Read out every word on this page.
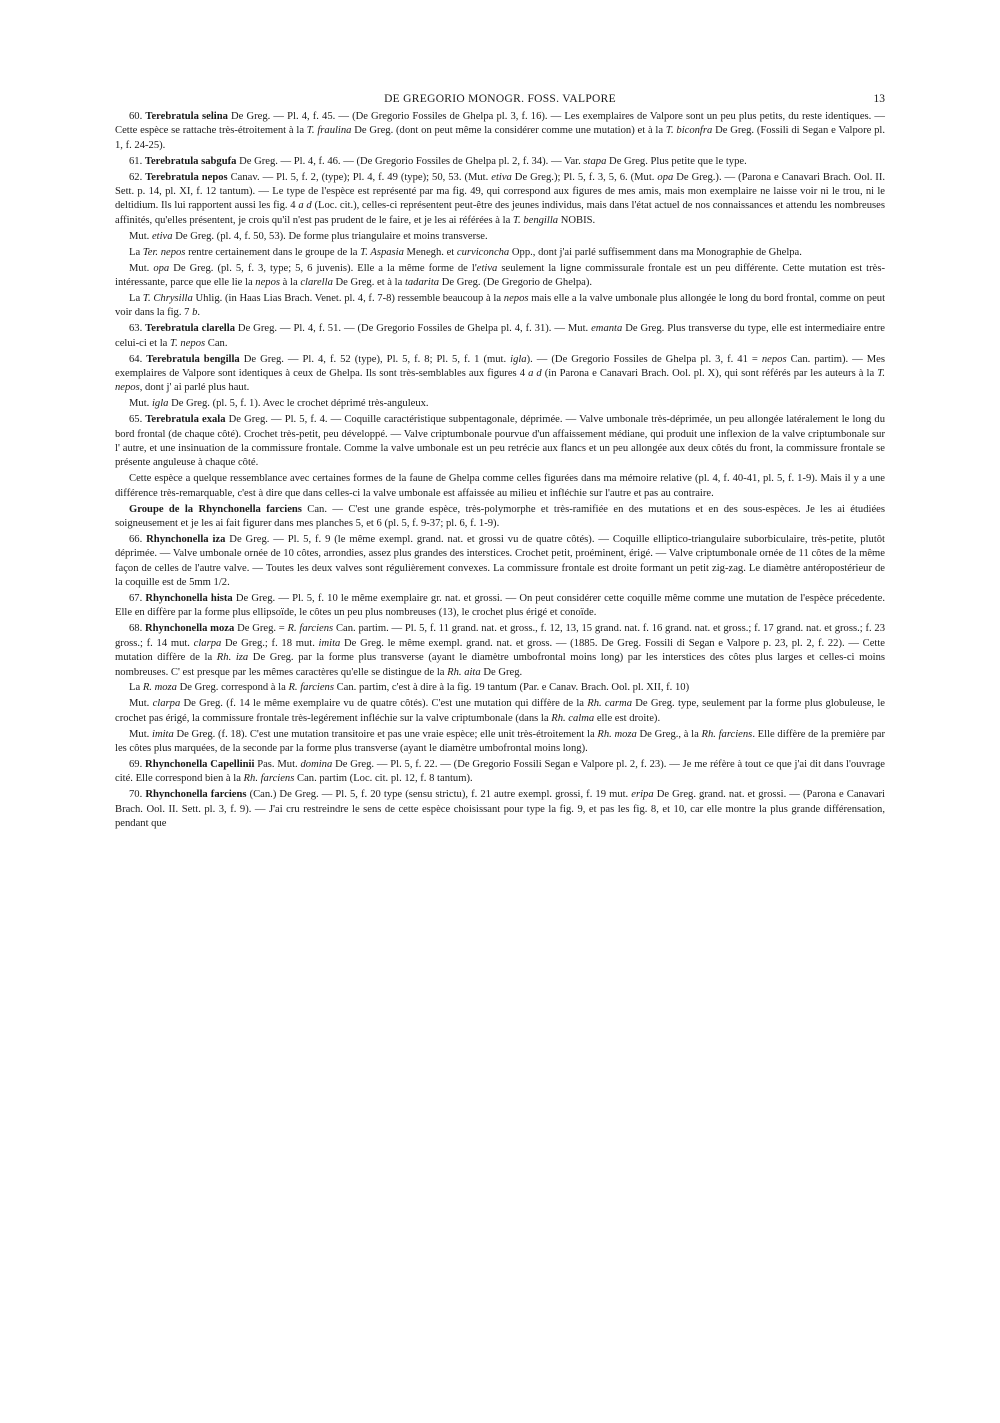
DE GREGORIO MONOGR. FOSS. VALPORE	13

60. Terebratula selina De Greg. — Pl. 4, f. 45. — (De Gregorio Fossiles de Ghelpa pl. 3, f. 16). — Les exemplaires de Valpore sont un peu plus petits, du reste identiques. — Cette espèce se rattache très-étroitement à la T. fraulina De Greg. (dont on peut même la considérer comme une mutation) et à la T. biconfra De Greg. (Fossili di Segan e Valpore pl. 1, f. 24-25).

61. Terebratula sabgufa De Greg. — Pl. 4, f. 46. — (De Gregorio Fossiles de Ghelpa pl. 2, f. 34). — Var. stapa De Greg. Plus petite que le type.

62. Terebratula nepos Canav. — Pl. 5, f. 2, (type); Pl. 4, f. 49 (type); 50, 53. (Mut. etiva De Greg.); Pl. 5, f. 3, 5, 6. (Mut. opa De Greg.). — (Parona e Canavari Brach. Ool. II. Sett. p. 14, pl. XI, f. 12 tantum). — Le type de l'espèce est représenté par ma fig. 49, qui correspond aux figures de mes amis, mais mon exemplaire ne laisse voir ni le trou, ni le deltidium. Ils lui rapportent aussi les fig. 4 a d (Loc. cit.), celles-ci représentent peut-être des jeunes individus, mais dans l'état actuel de nos connaissances et attendu les nombreuses affinités, qu'elles présentent, je crois qu'il n'est pas prudent de le faire, et je les ai référées à la T. bengilla NOBIS.

Mut. etiva De Greg. (pl. 4, f. 50, 53). De forme plus triangulaire et moins transverse.

La Ter. nepos rentre certainement dans le groupe de la T. Aspasia Menegh. et curviconcha Opp., dont j'ai parlé suffisemment dans ma Monographie de Ghelpa.

Mut. opa De Greg. (pl. 5, f. 3, type; 5, 6 juvenis). Elle a la même forme de l'etiva seulement la ligne commissurale frontale est un peu différente. Cette mutation est très-intéressante, parce que elle lie la nepos à la clarella De Greg. et à la tadarita De Greg. (De Gregorio de Ghelpa).

La T. Chrysilla Uhlig. (in Haas Lias Brach. Venet. pl. 4, f. 7-8) ressemble beaucoup à la nepos mais elle a la valve umbonale plus allongée le long du bord frontal, comme on peut voir dans la fig. 7 b.

63. Terebratula clarella De Greg. — Pl. 4, f. 51. — (De Gregorio Fossiles de Ghelpa pl. 4, f. 31). — Mut. emanta De Greg. Plus transverse du type, elle est intermediaire entre celui-ci et la T. nepos Can.

64. Terebratula bengilla De Greg. — Pl. 4, f. 52 (type), Pl. 5, f. 8; Pl. 5, f. 1 (mut. igla). — (De Gregorio Fossiles de Ghelpa pl. 3, f. 41 = nepos Can. partim). — Mes exemplaires de Valpore sont identiques à ceux de Ghelpa. Ils sont très-semblables aux figures 4 a d (in Parona e Canavari Brach. Ool. pl. X), qui sont référés par les auteurs à la T. nepos, dont j' ai parlé plus haut.

Mut. igla De Greg. (pl. 5, f. 1). Avec le crochet déprimé très-anguleux.

65. Terebratula exala De Greg. — Pl. 5, f. 4. — Coquille caractéristique subpentagonale, déprimée. — Valve umbonale très-déprimée, un peu allongée latéralement le long du bord frontal (de chaque côté). Crochet très-petit, peu développé. — Valve criptumbonale pourvue d'un affaissement médiane, qui produit une inflexion de la valve criptumbonale sur l' autre, et une insinuation de la commissure frontale. Comme la valve umbonale est un peu retrécie aux flancs et un peu allongée aux deux côtés du front, la commissure frontale se présente anguleuse à chaque côté.

Cette espèce a quelque ressemblance avec certaines formes de la faune de Ghelpa comme celles figurées dans ma mémoire relative (pl. 4, f. 40-41, pl. 5, f. 1-9). Mais il y a une différence très-remarquable, c'est à dire que dans celles-ci la valve umbonale est affaissée au milieu et infléchie sur l'autre et pas au contraire.

Groupe de la Rhynchonella farciens Can. — C'est une grande espèce, très-polymorphe et très-ramifiée en des mutations et en des sous-espèces. Je les ai étudiées soigneusement et je les ai fait figurer dans mes planches 5, et 6 (pl. 5, f. 9-37; pl. 6, f. 1-9).

66. Rhynchonella iza De Greg. — Pl. 5, f. 9 (le même exempl. grand. nat. et grossi vu de quatre côtés). — Coquille elliptico-triangulaire suborbiculaire, très-petite, plutôt déprimée. — Valve umbonale ornée de 10 côtes, arrondies, assez plus grandes des interstices. Crochet petit, proéminent, érigé. — Valve criptumbonale ornée de 11 côtes de la même façon de celles de l'autre valve. — Toutes les deux valves sont régulièrement convexes. La commissure frontale est droite formant un petit zig-zag. Le diamètre antéropostérieur de la coquille est de 5mm 1/2.

67. Rhynchonella hista De Greg. — Pl. 5, f. 10 le même exemplaire gr. nat. et grossi. — On peut considérer cette coquille même comme une mutation de l'espèce précedente. Elle en diffère par la forme plus ellipsoïde, le côtes un peu plus nombreuses (13), le crochet plus érigé et conoïde.

68. Rhynchonella moza De Greg. = R. farciens Can. partim. — Pl. 5, f. 11 grand. nat. et gross., f. 12, 13, 15 grand. nat. f. 16 grand. nat. et gross.; f. 17 grand. nat. et gross.; f. 23 gross.; f. 14 mut. clarpa De Greg.; f. 18 mut. imita De Greg. le même exempl. grand. nat. et gross. — (1885. De Greg. Fossili di Segan e Valpore p. 23, pl. 2, f. 22). — Cette mutation diffère de la Rh. iza De Greg. par la forme plus transverse (ayant le diamètre umbofrontal moins long) par les interstices des côtes plus larges et celles-ci moins nombreuses. C' est presque par les mêmes caractères qu'elle se distingue de la Rh. aita De Greg.

La R. moza De Greg. correspond à la R. farciens Can. partim, c'est à dire à la fig. 19 tantum (Par. e Canav. Brach. Ool. pl. XII, f. 10)

Mut. clarpa De Greg. (f. 14 le même exemplaire vu de quatre côtés). C'est une mutation qui diffère de la Rh. carma De Greg. type, seulement par la forme plus globuleuse, le crochet pas érigé, la commissure frontale très-legérement infléchie sur la valve criptumbonale (dans la Rh. calma elle est droite).

Mut. imita De Greg. (f. 18). C'est une mutation transitoire et pas une vraie espèce; elle unit très-étroitement la Rh. moza De Greg., à la Rh. farciens. Elle diffère de la première par les côtes plus marquées, de la seconde par la forme plus transverse (ayant le diamètre umbofrontal moins long).

69. Rhynchonella Capellinii Pas. Mut. domina De Greg. — Pl. 5, f. 22. — (De Gregorio Fossili Segan e Valpore pl. 2, f. 23). — Je me réfère à tout ce que j'ai dit dans l'ouvrage cité. Elle correspond bien à la Rh. farciens Can. partim (Loc. cit. pl. 12, f. 8 tantum).

70. Rhynchonella farciens (Can.) De Greg. — Pl. 5, f. 20 type (sensu strictu), f. 21 autre exempl. grossi, f. 19 mut. eripa De Greg. grand. nat. et grossi. — (Parona e Canavari Brach. Ool. II. Sett. pl. 3, f. 9). — J'ai cru restreindre le sens de cette espèce choisissant pour type la fig. 9, et pas les fig. 8, et 10, car elle montre la plus grande différensation, pendant que
